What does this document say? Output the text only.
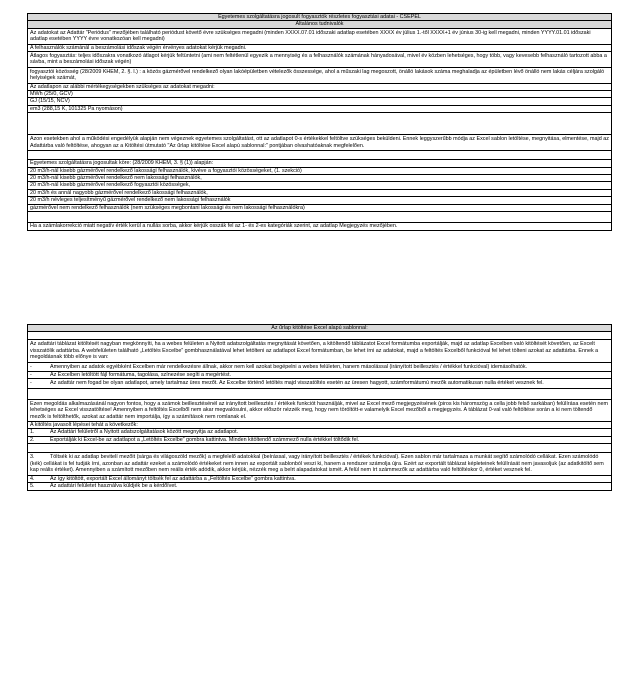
Egyetemes szolgáltatásra jogosult fogyasztók részletes fogyasztási adatai - CSEPEL
Általános tudnivalók
Az adatokat az Adattár "Periódus" mezőjében található periódust követő évre szükséges megadni (minden XXXX.07.01 időszaki adatlap esetében XXXX év július 1.-től XXXX+1 év június 30-ig kell megadni, minden YYYY.01.01 időszaki adatlap esetében YYYY évre vonatkozóan kell megadni)
A felhasználók számánál a beszámolási időszak végén érvényes adatokat kérjük megadni.
Átlagos fogyasztás: teljes időszakra vonatkozó átlagot kérjük feltüntetni (ami nem feltétlenül egyezik a mennyiség és a felhasználók számának hányadosával, mivel év közben lehetséges, hogy több, vagy kevesebb felhasználó tartozott abba a sávba, mint a beszámolási időszak végén)
fogyasztói közösség (28/2009 KHEM, 2. §. l.) : a közös gázmérővel rendelkező olyan lakóépületben vételezők összessége, ahol a műszaki lag megoszott, önálló lakások száma meghaladja az épületben lévő önálló nem lakás céljára szolgáló helyiségek számát,
Az adatlapon az alábbi mértékegységekben szükséges az adatokat megadni:
MWh (25/0, GCV)
GJ (15/15, NCV)
em3 (288,15 K, 101325 Pa nyomáson)
Azon esetekben ahol a működési engedélyük alapján nem végeznek egyetemes szolgáltatást, ott az adatlapot 0-s értékekkel feltöltve szükséges beküldeni. Ennek leggyszerűbb módja az Excel sablon letöltése, megnyitása, elmentése, majd az Adattárba való feltöltése, ahogyan az a Kitöltési útmutató "Az űrlap kitöltése Excel alapú sablonnal:" pontjában olvashatóaknak megfelelően.
Egyetemes szolgáltatásra jogosultak köre: (28/2009 KHEM, 3. § (1)) alapján:
20 m3/h-nál kisebb gázmérővel rendelkező lakossági felhasználók, kivéve a fogyasztói közösségeket, (1. szekció)
20 m3/h-nál kisebb gázmérővel rendelkező nem lakossági felhasználók,
20 m3/h-nál kisebb gázmérővel rendelkező fogyasztói közösségek,
20 m3/h és annál nagyobb gázmérővel rendelkező lakossági felhasználók,
20 m3/h névleges teljesítményű gázmérővel rendelkező nem lakossági felhasználók
gázmérővel nem rendelkező felhasználók (nem szükséges megbontani lakossági és nem lakossági felhasználókra)
Ha a számlakorrekció miatt negatív érték kerül a nullás sorba, akkor kérjük osszák fel az 1- és 2-es kategóriák szerint, az adatlap Megjegyzés mezőjében.
Az űrlap kitöltése Excel alapú sablonnal:
Az adattári táblázat kitöltését nagyban megkönnyíti, ha a webes felületen a Nyitott adatszolgáltatás megnyitását követően, a kitöltendő táblázatot Excel formátumba exportálják, majd az adatlap Excelben való kitöltését követően, az Excelt visszatölik adattárba. A webfelületen található „Letöltés Excelbe” gombhasználatával lehet letölteni az adatlapot Excel formátumban, be lehet írni az adatokat, majd a feltöltés Excelből funkcióval fel lehet tölteni azokat az adattárba. Ennek a megoldásnak több előnye is van:
-	Amennyiben az adatok egyébként Excelben már rendelkezésre állnak, akkor nem kell azokat begépelni a webes felületen, hanem másolással (irányított beillesztés / értékkel funkcióval) idemásolhatók.
-	Az Excelben letöltött fájl formátuma, tagolása, színezése segíti a megértést.
-	Az adattár nem fogad be olyan adatlapot, amely tartalmaz üres mezőt. Az Excelbe történő letöltés majd visszatöltés esetén az üresen hagyott, számformátumú mezők automatikusan nulla értéket vesznek fel.
Ezen megoldás alkalmazásánál nagyon fontos, hogy a számok beillesztésénél az irányított beillesztés / értékek funkciót használják, mivel az Excel mező megjegyzésének (piros kis háromszög a cella jobb felső sarkában) felülírása esetén nem lehetséges az Excel visszatöltése! Amennyiben a feltöltés Excelből nem akar megvalósulni, akkor először nézzék meg, hogy nem töröltött-e valamelyik Excel mezőből a megjegyzés. A táblázat 0-val való feltöltése során a ki nem töltendő mezők is feltölthetők, azokat az adattár nem importálja, így a számítások nem romlanak el.
A kitöltés javasolt lépései tehát a következők:
1.	Az Adattári felületről a Nyitott adatszolgáltatások között megnyitja az adatlapot.
2.	Exportálják ki Excel-be az adatlapot a „Letöltés Excelbe” gombra kattintva. Minden kitöltendő számmező nulla értékkel töltődik fel.
3.	Töltsék ki az adatlap bevitelí mezőit (sárga és világoszöld mezők) a megfelelő adatokkal (beírással, vagy irányított beillesztés / értékek funkcióval). Ezen sablon már tartalmaza a munkát segítő számolódó cellákat. Ezen számolódó (kék) cellákat is fel tudják írni, azonban az adattár ezeket a számolódó értékeket nem innen az exportált sablonból veszi ki, hanem a rendszer számolja újra. Ezért az exportált táblázat képleteinek felülírását nem javasoljuk (az adatkitöltő sem kap reális értéket). Amennyiben a számított mezőben nem reális érték adódik, akkor kérjük, nézzék meg a belrt alapadatokat ismét. A felül nem írt számmezők az adattárba való feltöltéskor 0, értéket vesznek fel.
4.	Az így kitöltött, exportált Excel állományt töltsék fel az adattárba a „Feltöltés Excelbe” gombra kattintva.
5.	Az adattári felületet használva küldjék be a kérdőívet.
